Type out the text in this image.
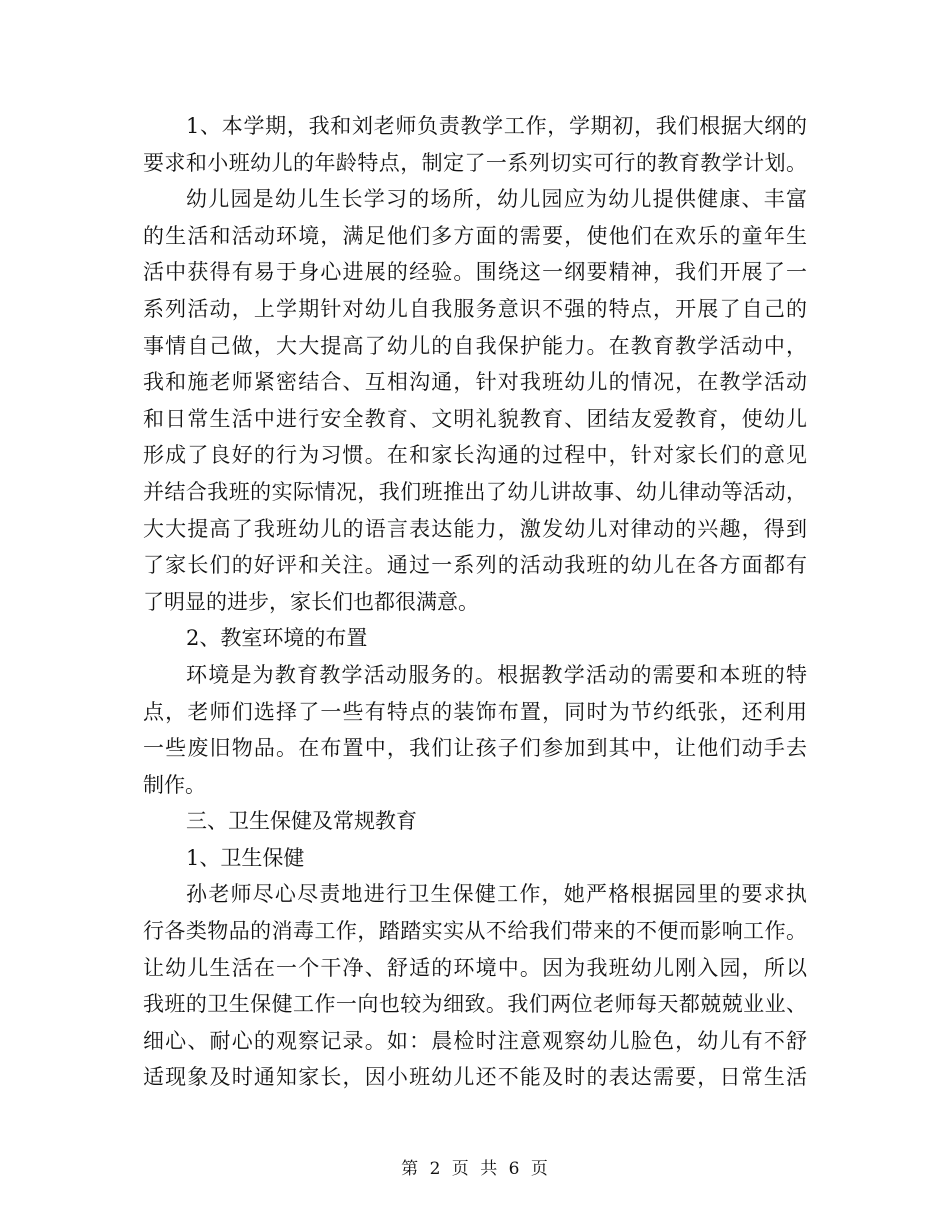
1、本学期，我和刘老师负责教学工作，学期初，我们根据大纲的
要求和小班幼儿的年龄特点，制定了一系列切实可行的教育教学计划。
幼儿园是幼儿生长学习的场所，幼儿园应为幼儿提供健康、丰富
的生活和活动环境，满足他们多方面的需要，使他们在欢乐的童年生
活中获得有易于身心进展的经验。围绕这一纲要精神，我们开展了一
系列活动，上学期针对幼儿自我服务意识不强的特点，开展了自己的
事情自己做，大大提高了幼儿的自我保护能力。在教育教学活动中，
我和施老师紧密结合、互相沟通，针对我班幼儿的情况，在教学活动
和日常生活中进行安全教育、文明礼貌教育、团结友爱教育，使幼儿
形成了良好的行为习惯。在和家长沟通的过程中，针对家长们的意见
并结合我班的实际情况，我们班推出了幼儿讲故事、幼儿律动等活动，
大大提高了我班幼儿的语言表达能力，激发幼儿对律动的兴趣，得到
了家长们的好评和关注。通过一系列的活动我班的幼儿在各方面都有
了明显的进步，家长们也都很满意。
2、教室环境的布置
环境是为教育教学活动服务的。根据教学活动的需要和本班的特
点，老师们选择了一些有特点的装饰布置，同时为节约纸张，还利用
一些废旧物品。在布置中，我们让孩子们参加到其中，让他们动手去
制作。
三、卫生保健及常规教育
1、卫生保健
孙老师尽心尽责地进行卫生保健工作，她严格根据园里的要求执
行各类物品的消毒工作，踏踏实实从不给我们带来的不便而影响工作。
让幼儿生活在一个干净、舒适的环境中。因为我班幼儿刚入园，所以
我班的卫生保健工作一向也较为细致。我们两位老师每天都兢兢业业、
细心、耐心的观察记录。如：晨检时注意观察幼儿脸色，幼儿有不舒
适现象及时通知家长，因小班幼儿还不能及时的表达需要，日常生活
第 2 页 共 6 页
